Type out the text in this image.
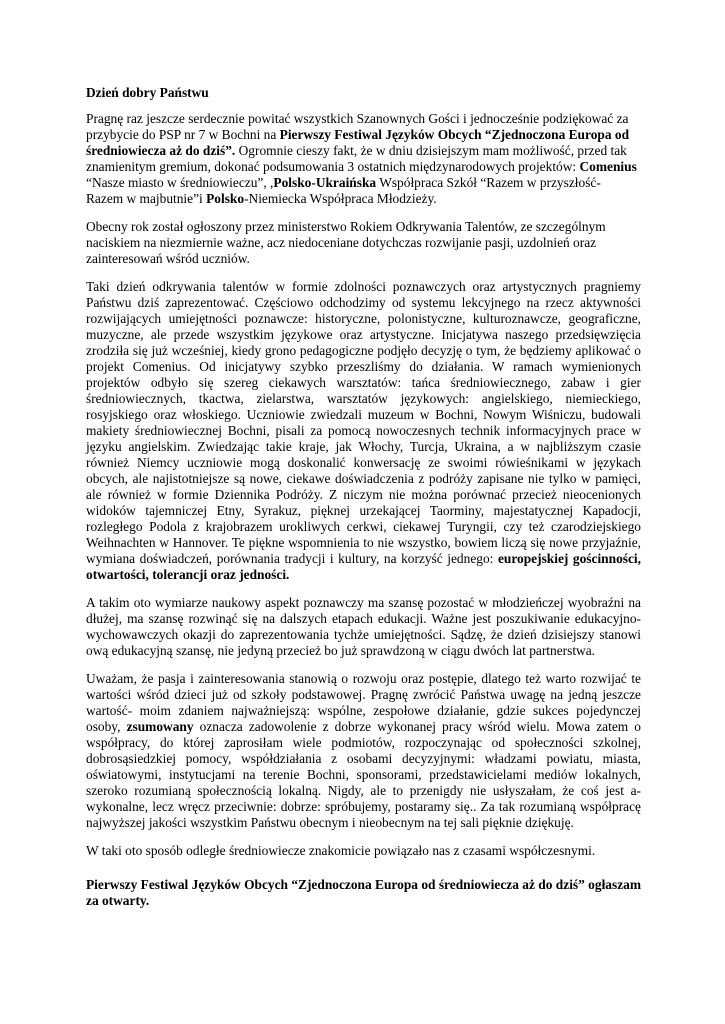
Dzień dobry Państwu

Pragnę raz jeszcze serdecznie powitać wszystkich Szanownych Gości i jednocześnie podziękować za przybycie do PSP nr 7 w Bochni na Pierwszy Festiwal Języków Obcych “Zjednoczona Europa od średniowiecza aż do dziś”. Ogromnie cieszy fakt, że w dniu dzisiejszym mam możliwość, przed tak znamienitym gremium, dokonać podsumowania 3 ostatnich międzynarodowych projektów: Comenius “Nasze miasto w średniowieczu”, ,Polsko-Ukraińska Współpraca Szkół “Razem w przyszłość- Razem w majbutnie”i Polsko-Niemiecka Współpraca Młodzieży.

Obecny rok został ogłoszony przez ministerstwo Rokiem Odkrywania Talentów, ze szczególnym naciskiem na niezmiernie ważne, acz niedoceniane dotychczas rozwijanie pasji, uzdolnień oraz zainteresowań wśród uczniów.

Taki dzień odkrywania talentów w formie zdolności poznawczych oraz artystycznych pragniemy Państwu dziś zaprezentować. Częściowo odchodzimy od systemu lekcyjnego na rzecz aktywności rozwijających umiejętności poznawcze: historyczne, polonistyczne, kulturoznawcze, geograficzne, muzyczne, ale przede wszystkim językowe oraz artystyczne. Inicjatywa naszego przedsięwzięcia zrodziła się już wcześniej, kiedy grono pedagogiczne podjęło decyzję o tym, że będziemy aplikować o projekt Comenius. Od inicjatywy szybko przeszliśmy do działania. W ramach wymienionych projektów odbyło się szereg ciekawych warsztatów: tańca średniowiecznego, zabaw i gier średniowiecznych, tkactwa, zielarstwa, warsztatów językowych: angielskiego, niemieckiego, rosyjskiego oraz włoskiego. Uczniowie zwiedzali muzeum w Bochni, Nowym Wiśniczu, budowali makiety średniowiecznej Bochni, pisali za pomocą nowoczesnych technik informacyjnych prace w języku angielskim. Zwiedzając takie kraje, jak Włochy, Turcja, Ukraina, a w najbliższym czasie również Niemcy uczniowie mogą doskonalić konwersację ze swoimi rówieśnikami w językach obcych, ale najistotniejsze są nowe, ciekawe doświadczenia z podróży zapisane nie tylko w pamięci, ale również w formie Dziennika Podróży. Z niczym nie można porównać przecież nieocenionych widoków tajemniczej Etny, Syrakuz, pięknej urzekającej Taorminy, majestatycznej Kapadocji, rozległego Podola z krajobrazem urokliwych cerkwi, ciekawej Turyngii, czy też czarodziejskiego Weihnachten w Hannover. Te piękne wspomnienia to nie wszystko, bowiem liczą się nowe przyjaźnie, wymiana doświadczeń, porównania tradycji i kultury, na korzyść jednego: europejskiej gościnności, otwartości, tolerancji oraz jedności.

A takim oto wymiarze naukowy aspekt poznawczy ma szansę pozostać w młodzieńczej wyobraźni na dłużej, ma szansę rozwinąć się na dalszych etapach edukacji. Ważne jest poszukiwanie edukacyjno-wychowawczych okazji do zaprezentowania tychże umiejętności. Sądzę, że dzień dzisiejszy stanowi ową edukacyjną szansę, nie jedyną przecież bo już sprawdzoną w ciągu dwóch lat partnerstwa.

Uważam, że pasja i zainteresowania stanowią o rozwoju oraz postępie, dlatego też warto rozwijać te wartości wśród dzieci już od szkoły podstawowej. Pragnę zwrócić Państwa uwagę na jedną jeszcze wartość- moim zdaniem najważniejszą: wspólne, zespołowe działanie, gdzie sukces pojedynczej osoby, zsumowany oznacza zadowolenie z dobrze wykonanej pracy wśród wielu. Mowa zatem o współpracy, do której zaprosiłam wiele podmiotów, rozpoczynając od społeczności szkolnej, dobrosąsiedzkiej pomocy, współdziałania z osobami decyzyjnymi: władzami powiatu, miasta, oświatowymi, instytucjami na terenie Bochni, sponsorami, przedstawicielami mediów lokalnych, szeroko rozumianą społecznością lokalną. Nigdy, ale to przenigdy nie usłyszałam, że coś jest a-wykonalne, lecz wręcz przeciwnie: dobrze: spróbujemy, postaramy się.. Za tak rozumianą współpracę najwyższej jakości wszystkim Państwu obecnym i nieobecnym na tej sali pięknie dziękuję.

W taki oto sposób odległe średniowiecze znakomicie powiązało nas z czasami współczesnymi.

Pierwszy Festiwal Języków Obcych “Zjednoczona Europa od średniowiecza aż do dziś” ogłaszam za otwarty.
